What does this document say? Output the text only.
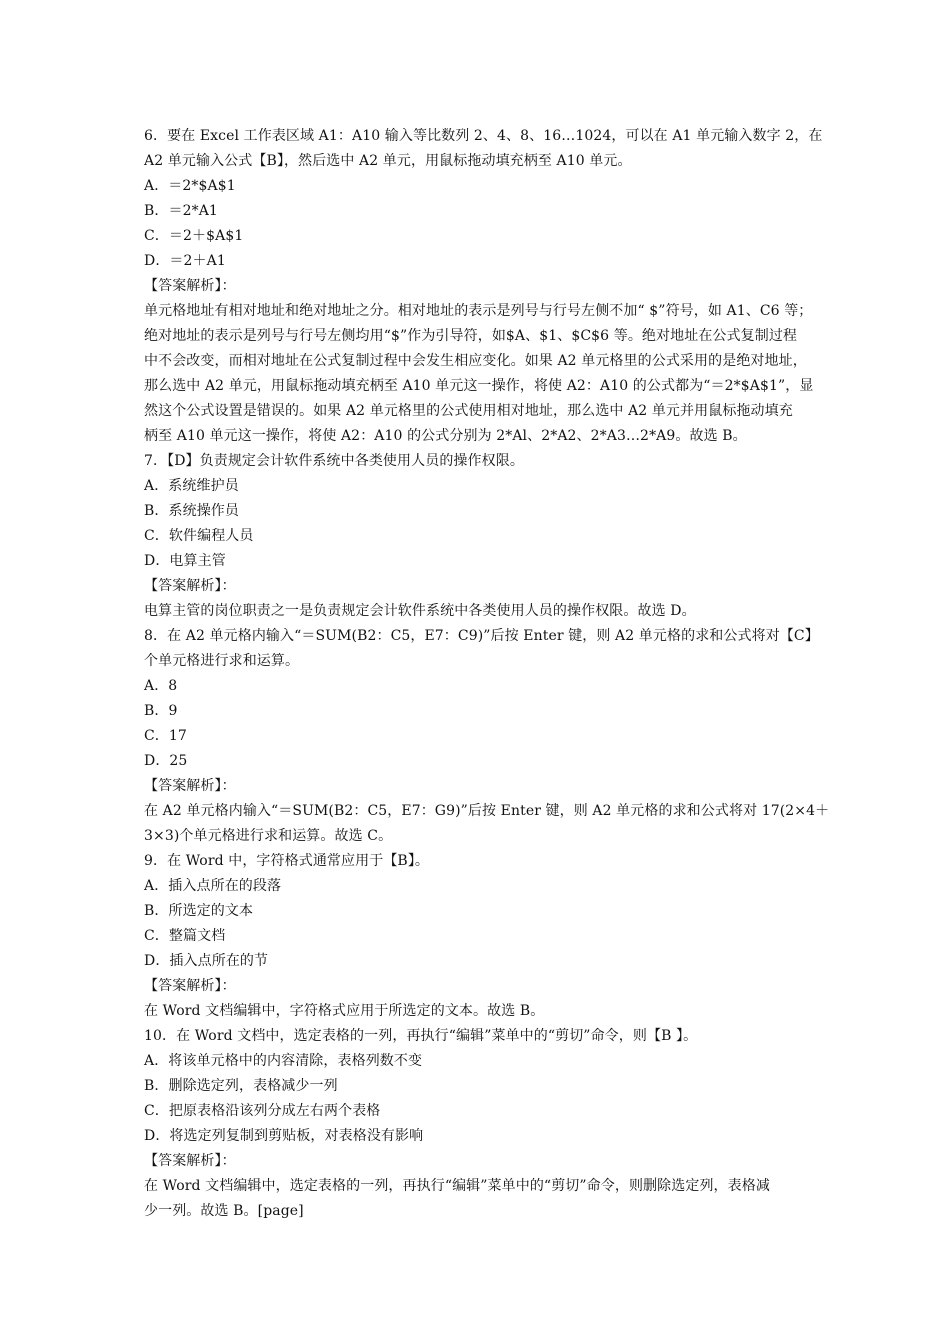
6．要在 Excel 工作表区域 A1：A10 输入等比数列 2、4、8、16…1024，可以在 A1 单元输入数字 2，在
A2 单元输入公式【B】，然后选中 A2 单元，用鼠标拖动填充柄至 A10 单元。
A．＝2*$A$1
B．＝2*A1
C．＝2＋$A$1
D．＝2＋A1
【答案解析】：
单元格地址有相对地址和绝对地址之分。相对地址的表示是列号与行号左侧不加“ $”符号，如 A1、C6 等；
绝对地址的表示是列号与行号左侧均用“$”作为引导符，如$A、$1、$C$6 等。绝对地址在公式复制过程
中不会改变，而相对地址在公式复制过程中会发生相应变化。如果 A2 单元格里的公式采用的是绝对地址，
那么选中 A2 单元，用鼠标拖动填充柄至 A10 单元这一操作，将使 A2：A10 的公式都为“＝2*$A$1”，显
然这个公式设置是错误的。如果 A2 单元格里的公式使用相对地址，那么选中 A2 单元并用鼠标拖动填充
柄至 A10 单元这一操作，将使 A2：A10 的公式分别为 2*Al、2*A2、2*A3…2*A9。故选 B。
7．【D】负责规定会计软件系统中各类使用人员的操作权限。
A．系统维护员
B．系统操作员
C．软件编程人员
D．电算主管
【答案解析】：
电算主管的岗位职责之一是负责规定会计软件系统中各类使用人员的操作权限。故选 D。
8．在 A2 单元格内输入“＝SUM(B2：C5，E7：C9)”后按 Enter 键，则 A2 单元格的求和公式将对【C】
个单元格进行求和运算。
A．8
B．9
C．17
D．25
【答案解析】：
在 A2 单元格内输入“＝SUM(B2：C5，E7：G9)”后按 Enter 键，则 A2 单元格的求和公式将对 17(2×4＋
3×3)个单元格进行求和运算。故选 C。
9．在 Word 中，字符格式通常应用于【B】。
A．插入点所在的段落
B．所选定的文本
C．整篇文档
D．插入点所在的节
【答案解析】：
在 Word 文档编辑中，字符格式应用于所选定的文本。故选 B。
10．在 Word 文档中，选定表格的一列，再执行“编辑”菜单中的“剪切”命令，则【B 】。
A．将该单元格中的内容清除，表格列数不变
B．删除选定列，表格减少一列
C．把原表格沿该列分成左右两个表格
D．将选定列复制到剪贴板，对表格没有影响
【答案解析】：
在 Word 文档编辑中，选定表格的一列，再执行“编辑”菜单中的“剪切”命令，则删除选定列，表格减
少一列。故选 B。[page]
